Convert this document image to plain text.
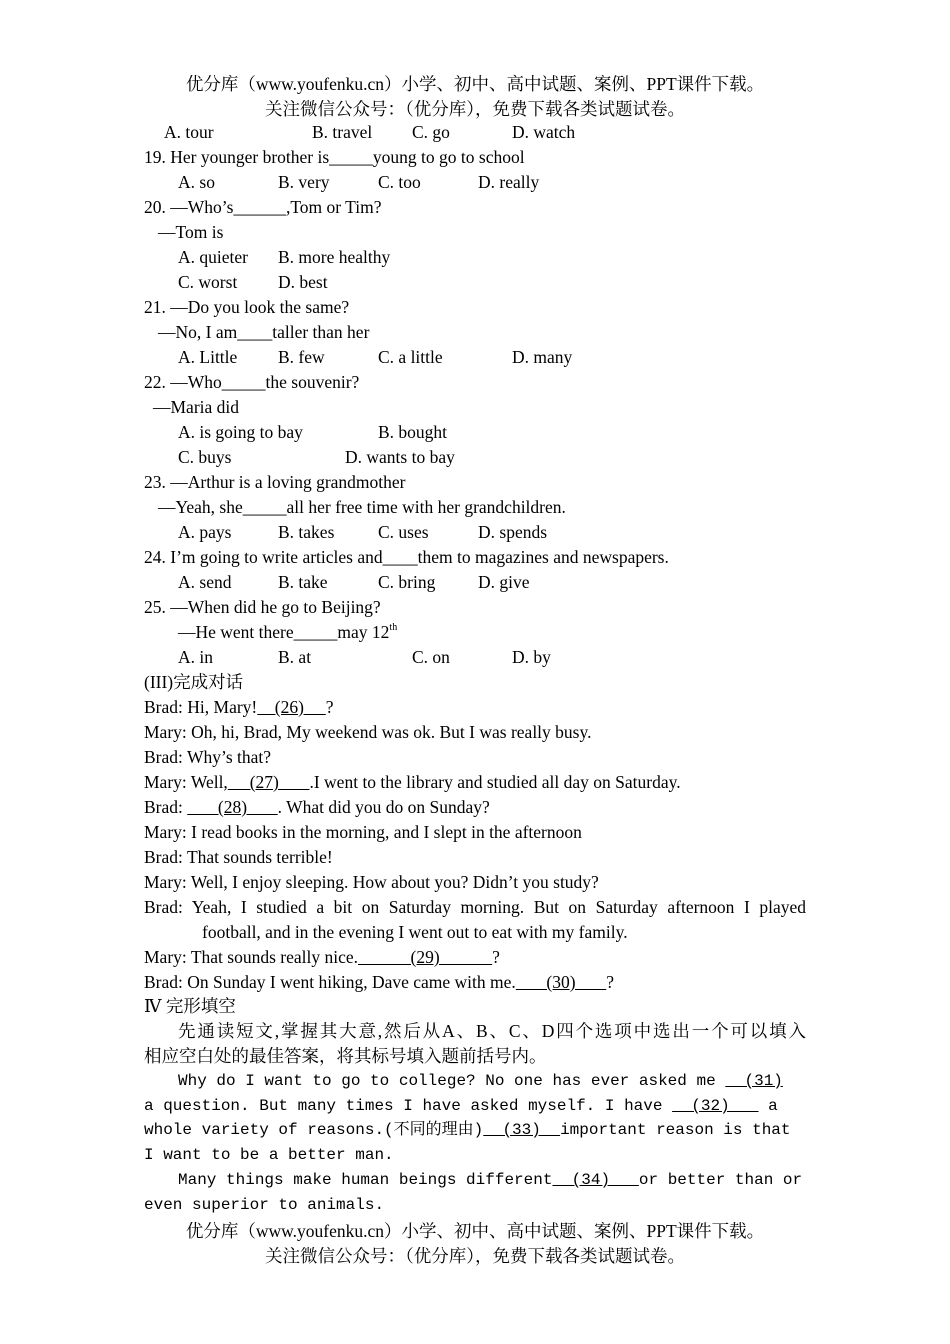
优分库（www.youfenku.cn）小学、初中、高中试题、案例、PPT课件下载。
关注微信公众号：（优分库），免费下载各类试题试卷。
A. tour	B. travel C. go	D. watch
19. Her younger brother is_____young to go to school
A. so	B. very	C. too	D. really
20. —Who’s______,Tom or Tim?
—Tom is
A. quieter B. more healthy
C. worst D. best
21. —Do you look the same?
—No, I am____taller than her
A. Little B. few	C. a little	D. many
22. —Who_____the souvenir?
—Maria did
A. is going to bay	B. bought
C. buys	D. wants to bay
23. —Arthur is a loving grandmother
—Yeah, she_____all her free time with her grandchildren.
A. pays	B. takes C. uses	D. spends
24. I’m going to write articles and____them to magazines and newspapers.
A. send	B. take	C. bring D. give
25. —When did he go to Beijing?
—He went there_____may 12th
A. in	B. at	C. on	D. by
(III)完成对话
Brad: Hi, Mary!    (26)     ?
Mary: Oh, hi, Brad, My weekend was ok. But I was really busy.
Brad: Why’s that?
Mary: Well,     (27)       .I went to the library and studied all day on Saturday.
Brad:        (28)       . What did you do on Sunday?
Mary: I read books in the morning, and I slept in the afternoon
Brad: That sounds terrible!
Mary: Well, I enjoy sleeping. How about you? Didn’t you study?
Brad: Yeah, I studied a bit on Saturday morning. But on Saturday afternoon I played
football, and in the evening I went out to eat with my family.
Mary: That sounds really nice.            (29)            ?
Brad: On Sunday I went hiking, Dave came with me.       (30)       ?
Ⅳ 完形填空
先通读短文,掌握其大意,然后从A、B、C、D四个选项中选出一个可以填入
相应空白处的最佳答案，将其标号填入题前括号内。
Why do I want to go to college? No one has ever asked me   (31)
a question. But many times I have asked myself. I have   (32)    a
whole variety of reasons.(不同的理由)  (33)  important reason is that
I want to be a better man.
Many things make human beings different  (34)   or better than or
even superior to animals.
优分库（www.youfenku.cn）小学、初中、高中试题、案例、PPT课件下载。
关注微信公众号：（优分库），免费下载各类试题试卷。
